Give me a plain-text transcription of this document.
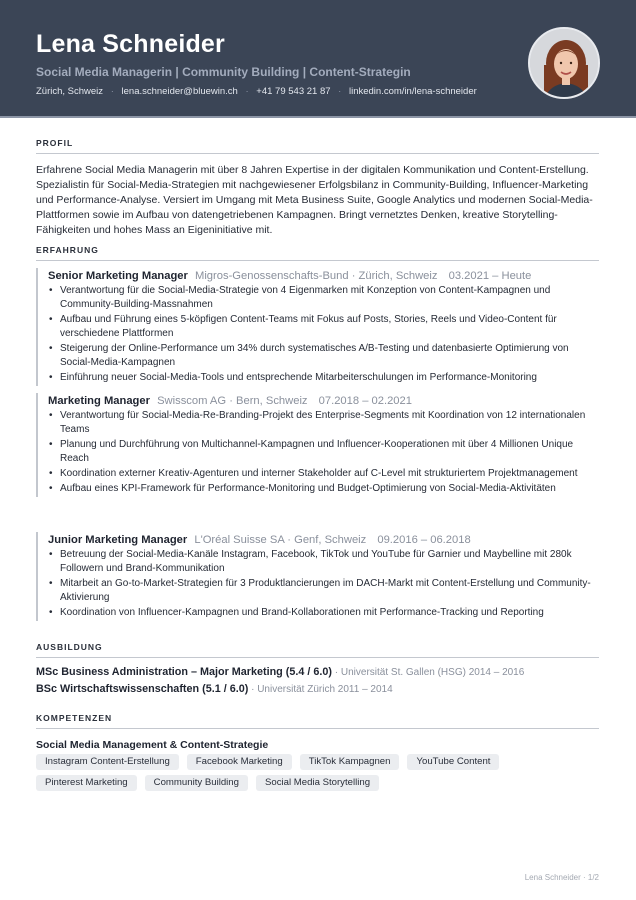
Lena Schneider
Social Media Managerin | Community Building | Content-Strategin
Zürich, Schweiz · lena.schneider@bluewin.ch · +41 79 543 21 87 · linkedin.com/in/lena-schneider
PROFIL
Erfahrene Social Media Managerin mit über 8 Jahren Expertise in der digitalen Kommunikation und Content-Erstellung. Spezialistin für Social-Media-Strategien mit nachgewiesener Erfolgsbilanz in Community-Building, Influencer-Marketing und Performance-Analyse. Versiert im Umgang mit Meta Business Suite, Google Analytics und modernen Social-Media-Plattformen sowie im Aufbau von datengetriebenen Kampagnen. Bringt vernetztes Denken, kreative Storytelling-Fähigkeiten und hohes Mass an Eigeninitiative mit.
ERFAHRUNG
Senior Marketing Manager Migros-Genossenschafts-Bund · Zürich, Schweiz 03.2021 – Heute
• Verantwortung für die Social-Media-Strategie von 4 Eigenmarken mit Konzeption von Content-Kampagnen und Community-Building-Massnahmen
• Aufbau und Führung eines 5-köpfigen Content-Teams mit Fokus auf Posts, Stories, Reels und Video-Content für verschiedene Plattformen
• Steigerung der Online-Performance um 34% durch systematisches A/B-Testing und datenbasierte Optimierung von Social-Media-Kampagnen
• Einführung neuer Social-Media-Tools und entsprechende Mitarbeiterschulungen im Performance-Monitoring
Marketing Manager Swisscom AG · Bern, Schweiz 07.2018 – 02.2021
• Verantwortung für Social-Media-Re-Branding-Projekt des Enterprise-Segments mit Koordination von 12 internationalen Teams
• Planung und Durchführung von Multichannel-Kampagnen und Influencer-Kooperationen mit über 4 Millionen Unique Reach
• Koordination externer Kreativ-Agenturen und interner Stakeholder auf C-Level mit strukturiertem Projektmanagement
• Aufbau eines KPI-Framework für Performance-Monitoring und Budget-Optimierung von Social-Media-Aktivitäten
Junior Marketing Manager L'Oréal Suisse SA · Genf, Schweiz 09.2016 – 06.2018
• Betreuung der Social-Media-Kanäle Instagram, Facebook, TikTok und YouTube für Garnier und Maybelline mit 280k Followern und Brand-Kommunikation
• Mitarbeit an Go-to-Market-Strategien für 3 Produktlancierungen im DACH-Markt mit Content-Erstellung und Community-Aktivierung
• Koordination von Influencer-Kampagnen und Brand-Kollaborationen mit Performance-Tracking und Reporting
AUSBILDUNG
MSc Business Administration – Major Marketing (5.4 / 6.0) · Universität St. Gallen (HSG) 2014 – 2016
BSc Wirtschaftswissenschaften (5.1 / 6.0) · Universität Zürich 2011 – 2014
KOMPETENZEN
Social Media Management & Content-Strategie
Instagram Content-Erstellung	Facebook Marketing	TikTok Kampagnen	YouTube Content
Pinterest Marketing	Community Building	Social Media Storytelling
Lena Schneider · 1/2
